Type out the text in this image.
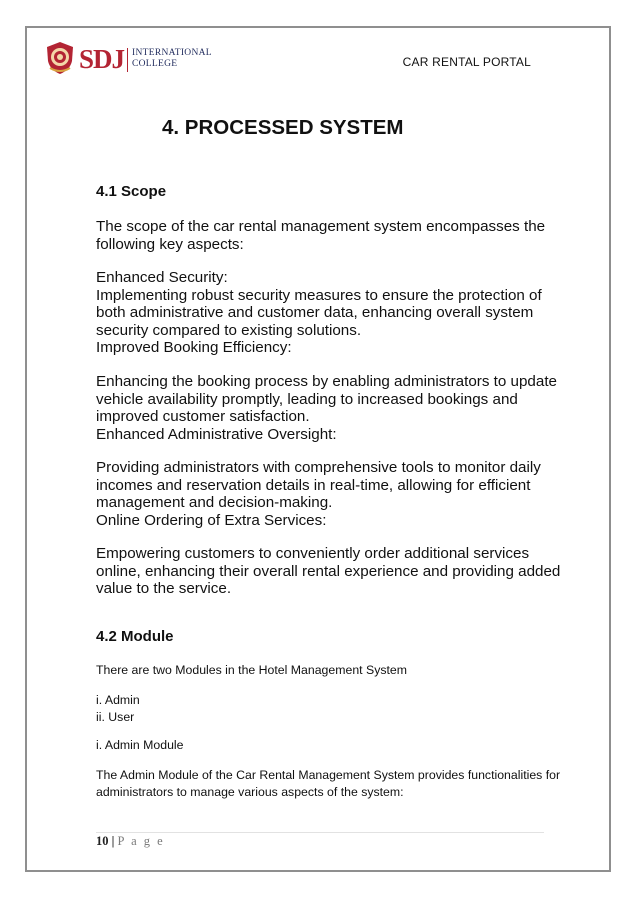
SDJ INTERNATIONAL
COLLEGE	CAR RENTAL PORTAL
4. PROCESSED SYSTEM
4.1 Scope

The scope of the car rental management system encompasses the following key aspects:

Enhanced Security:
Implementing robust security measures to ensure the protection of both administrative and customer data, enhancing overall system security compared to existing solutions.
Improved Booking Efficiency:

Enhancing the booking process by enabling administrators to update vehicle availability promptly, leading to increased bookings and improved customer satisfaction.
Enhanced Administrative Oversight:

Providing administrators with comprehensive tools to monitor daily incomes and reservation details in real-time, allowing for efficient management and decision-making.
Online Ordering of Extra Services:

Empowering customers to conveniently order additional services online, enhancing their overall rental experience and providing added value to the service.

4.2 Module

There are two Modules in the Hotel Management System

i. Admin
ii. User

i. Admin Module

The Admin Module of the Car Rental Management System provides functionalities for administrators to manage various aspects of the system:

10 | P a g e
